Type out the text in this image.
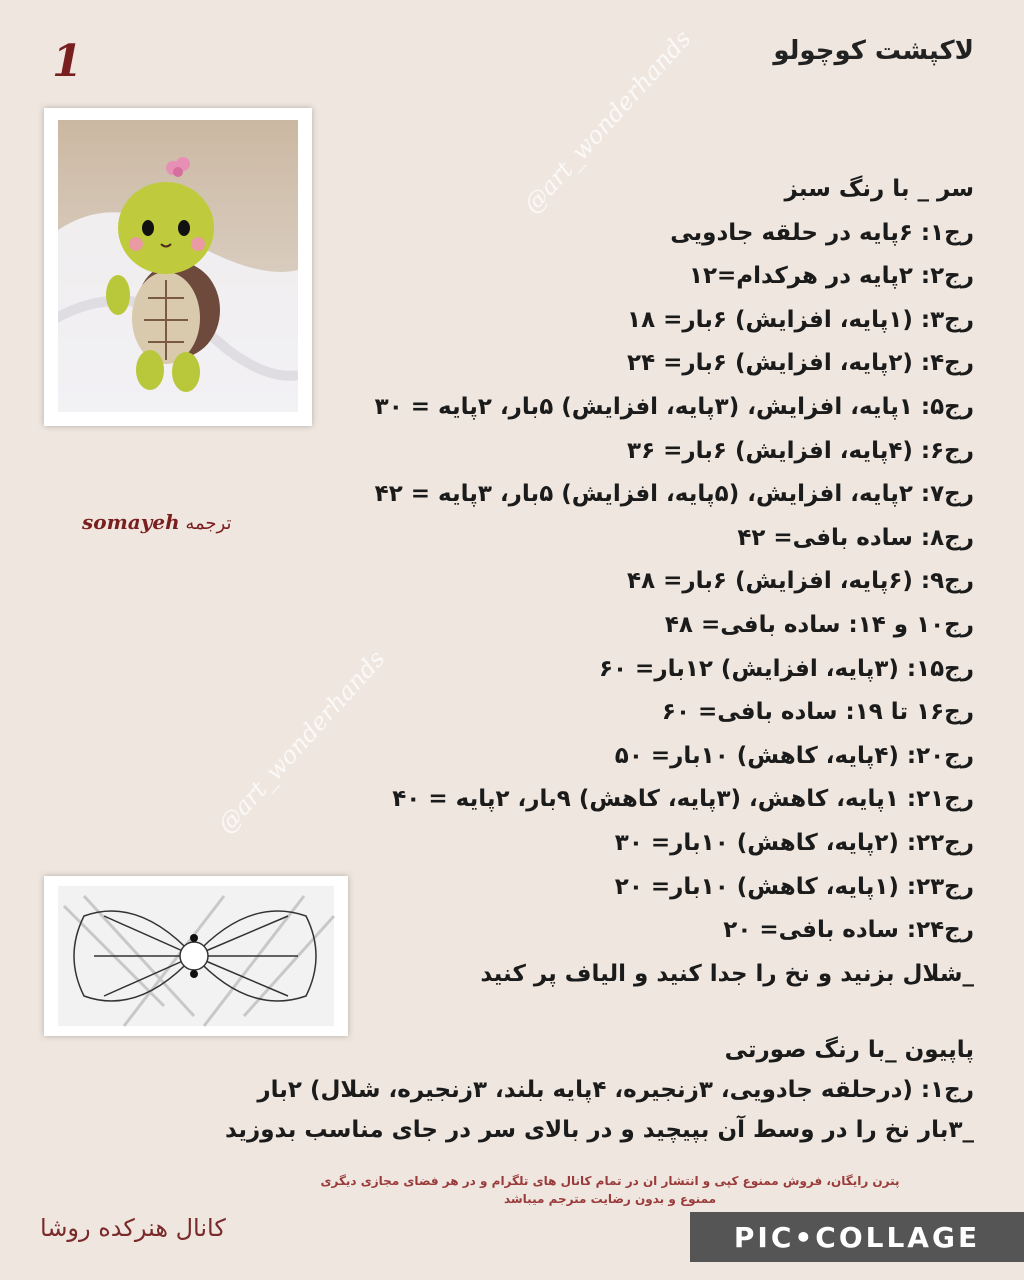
1	لاکپشت کوچولو
ترجمه somayeh
@art_wonderhands
@art_wonderhands
سر _ با رنگ سبز
رج۱: ۶پایه در حلقه جادویی
رج۲: ۲پایه در هرکدام=۱۲
رج۳: (۱پایه، افزایش) ۶بار= ۱۸
رج۴: (۲پایه، افزایش) ۶بار= ۲۴
رج۵: ۱پایه، افزایش، (۳پایه، افزایش) ۵بار، ۲پایه = ۳۰
رج۶: (۴پایه، افزایش) ۶بار= ۳۶
رج۷: ۲پایه، افزایش، (۵پایه، افزایش) ۵بار، ۳پایه = ۴۲
رج۸: ساده بافی= ۴۲
رج۹: (۶پایه، افزایش) ۶بار= ۴۸
رج۱۰ و ۱۴: ساده بافی= ۴۸
رج۱۵: (۳پایه، افزایش) ۱۲بار= ۶۰
رج۱۶ تا ۱۹: ساده بافی= ۶۰
رج۲۰: (۴پایه، کاهش) ۱۰بار= ۵۰
رج۲۱: ۱پایه، کاهش، (۳پایه، کاهش) ۹بار، ۲پایه = ۴۰
رج۲۲: (۲پایه، کاهش) ۱۰بار= ۳۰
رج۲۳: (۱پایه، کاهش) ۱۰بار= ۲۰
رج۲۴: ساده بافی= ۲۰
_شلال بزنید و نخ را جدا کنید و الیاف پر کنید
پاپیون _با رنگ صورتی
رج۱: (درحلقه جادویی، ۳زنجیره، ۴پایه بلند، ۳زنجیره، شلال) ۲بار
_۳بار نخ را در وسط آن بپیچید و در بالای سر در جای مناسب بدوزید
پترن رایگان، فروش ممنوع کپی و انتشار ان در تمام کانال های تلگرام و در هر فضای مجازی دیگری
ممنوع و بدون رضایت مترجم میباشد
کانال هنرکده روشا	PIC•COLLAGE
